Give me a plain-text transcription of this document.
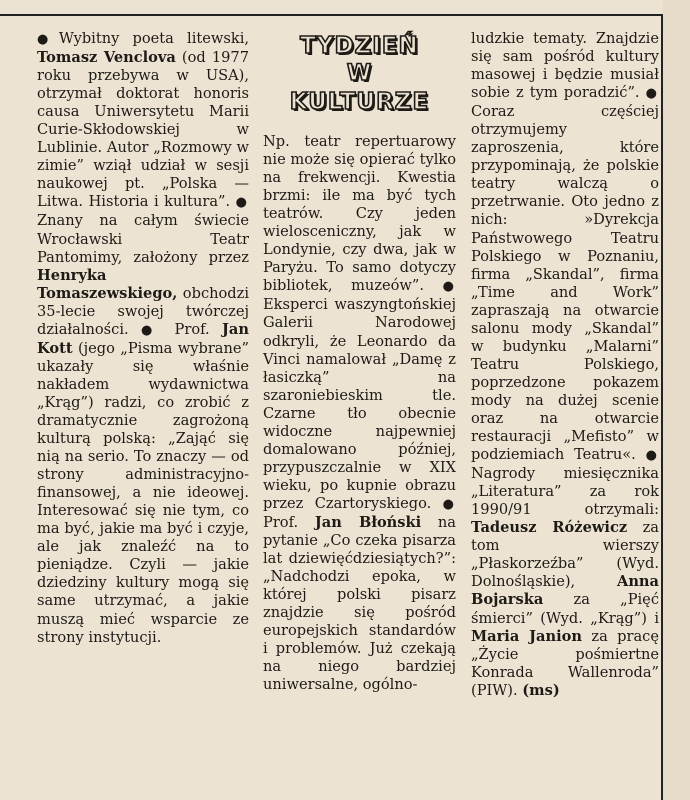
● Wybitny poeta litewski, Tomasz Venclova (od 1977 roku przebywa w USA), otrzymał doktorat honoris causa Uniwersytetu Marii Curie-Skłodowskiej w Lublinie. Autor „Rozmowy w zimie” wziął udział w sesji naukowej pt. „Polska — Litwa. Historia i kultura”. ● Znany na całym świecie Wrocławski Teatr Pantomimy, założony przez Henryka Tomaszewskiego, obchodzi 35-lecie swojej twórczej działalności. ● Prof. Jan Kott (jego „Pisma wybrane” ukazały się właśnie nakładem wydawnictwa „Krąg”) radzi, co zrobić z dramatycznie zagrożoną kulturą polską: „Zająć się nią na serio. To znaczy — od strony administracyjno-finansowej, a nie ideowej. Interesować się nie tym, co ma być, jakie ma być i czyje, ale jak znaleźć na to pieniądze. Czyli — jakie dziedziny kultury mogą się same utrzymać, a jakie muszą mieć wsparcie ze strony instytucji.

TYDZIEŃ
W
KULTURZE

Np. teatr repertuarowy nie może się opierać tylko na frekwencji. Kwestia brzmi: ile ma być tych teatrów. Czy jeden wielosceniczny, jak w Londynie, czy dwa, jak w Paryżu. To samo dotyczy bibliotek, muzeów”. ● Eksperci waszyngtońskiej Galerii Narodowej odkryli, że Leonardo da Vinci namalował „Damę z łasiczką” na szaroniebieskim tle. Czarne tło obecnie widoczne najpewniej domalowano później, przypuszczalnie w XIX wieku, po kupnie obrazu przez Czartoryskiego. ● Prof. Jan Błoński na pytanie „Co czeka pisarza lat dziewięćdziesiątych?”: „Nadchodzi epoka, w której polski pisarz znajdzie się pośród europejskich standardów i problemów. Już czekają na niego bardziej uniwersalne, ogólno-

ludzkie tematy. Znajdzie się sam pośród kultury masowej i będzie musiał sobie z tym poradzić”. ● Coraz częściej otrzymujemy zaproszenia, które przypominają, że polskie teatry walczą o przetrwanie. Oto jedno z nich: »Dyrekcja Państwowego Teatru Polskiego w Poznaniu, firma „Skandal”, firma „Time and Work” zapraszają na otwarcie salonu mody „Skandal” w budynku „Malarni” Teatru Polskiego, poprzedzone pokazem mody na dużej scenie oraz na otwarcie restauracji „Mefisto” w podziemiach Teatru«. ● Nagrody miesięcznika „Literatura” za rok 1990/91 otrzymali: Tadeusz Różewicz za tom wierszy „Płaskorzeźba” (Wyd. Dolnośląskie), Anna Bojarska za „Pięć śmierci” (Wyd. „Krąg”) i Maria Janion za pracę „Życie pośmiertne Konrada Wallenroda” (PIW). (ms)
